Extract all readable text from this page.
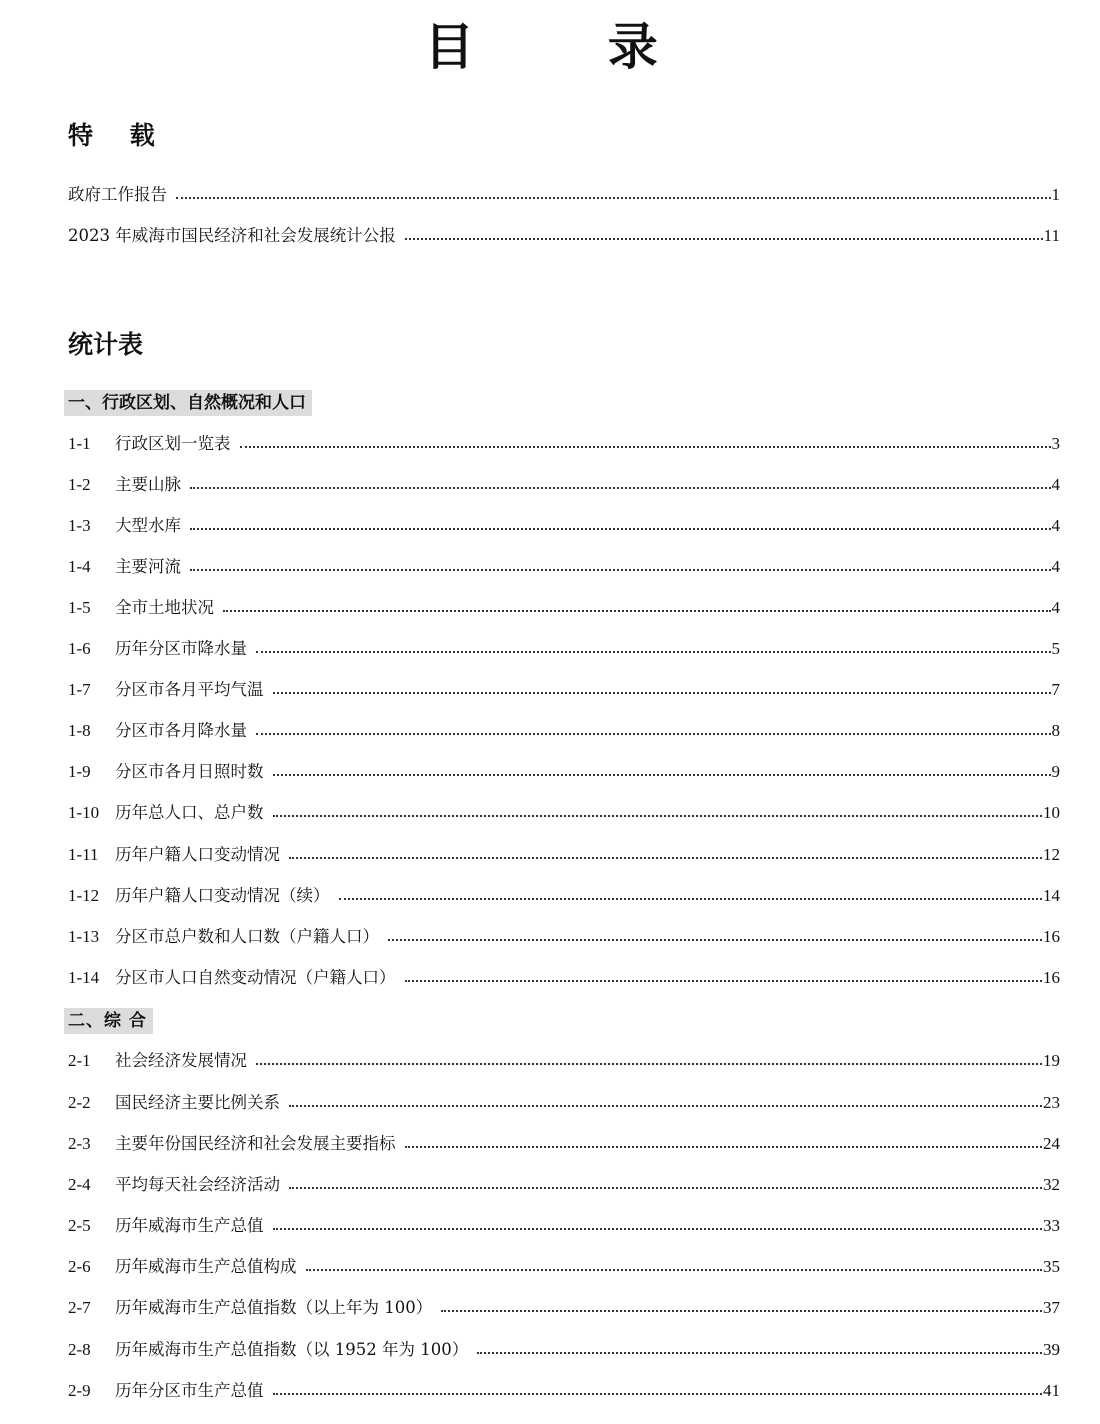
目 录
特 载
政府工作报告	1
2023 年威海市国民经济和社会发展统计公报	11
统计表
一、行政区划、自然概况和人口
1-1	行政区划一览表	3
1-2	主要山脉	4
1-3	大型水库	4
1-4	主要河流	4
1-5	全市土地状况	4
1-6	历年分区市降水量	5
1-7	分区市各月平均气温	7
1-8	分区市各月降水量	8
1-9	分区市各月日照时数	9
1-10 历年总人口、总户数	10
1-11 历年户籍人口变动情况	12
1-12 历年户籍人口变动情况（续）	14
1-13 分区市总户数和人口数（户籍人口）	16
1-14 分区市人口自然变动情况（户籍人口）	16
二、综 合
2-1	社会经济发展情况	19
2-2	国民经济主要比例关系	23
2-3	主要年份国民经济和社会发展主要指标	24
2-4	平均每天社会经济活动	32
2-5	历年威海市生产总值	33
2-6	历年威海市生产总值构成	35
2-7	历年威海市生产总值指数（以上年为 100）	37
2-8	历年威海市生产总值指数（以 1952 年为 100）	39
2-9	历年分区市生产总值	41
